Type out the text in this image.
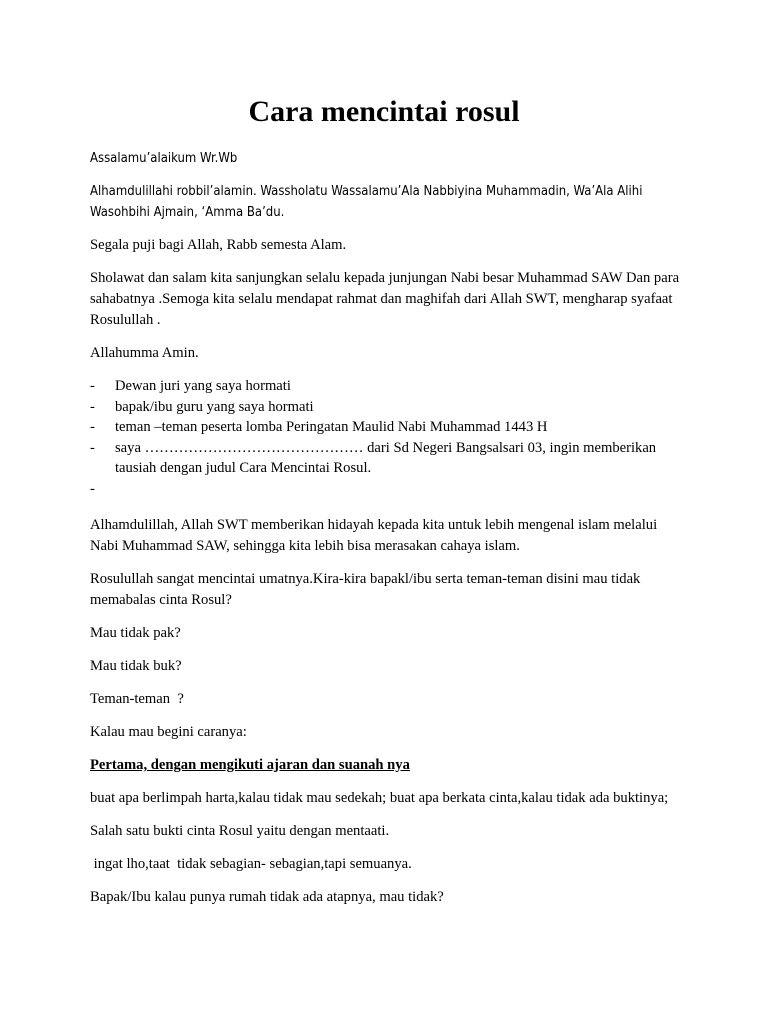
Cara mencintai rosul

Assalamu’alaikum Wr.Wb

Alhamdulillahi robbil’alamin. Wassholatu Wassalamu’Ala Nabbiyina Muhammadin, Wa’Ala Alihi Wasohbihi Ajmain, ‘Amma Ba’du.

Segala puji bagi Allah, Rabb semesta Alam.

Sholawat dan salam kita sanjungkan selalu kepada junjungan Nabi besar Muhammad SAW Dan para sahabatnya .Semoga kita selalu mendapat rahmat dan maghifah dari Allah SWT, mengharap syafaat Rosulullah .

Allahumma Amin.

- Dewan juri yang saya hormati
- bapak/ibu guru yang saya hormati
- teman –teman peserta lomba Peringatan Maulid Nabi Muhammad 1443 H
- saya ……………………………………… dari Sd Negeri Bangsalsari 03, ingin memberikan tausiah dengan judul Cara Mencintai Rosul.
-

Alhamdulillah, Allah SWT memberikan hidayah kepada kita untuk lebih mengenal islam melalui Nabi Muhammad SAW, sehingga kita lebih bisa merasakan cahaya islam.

Rosulullah sangat mencintai umatnya.Kira-kira bapakl/ibu serta teman-teman disini mau tidak memabalas cinta Rosul?

Mau tidak pak?

Mau tidak buk?

Teman-teman  ?

Kalau mau begini caranya:

Pertama, dengan mengikuti ajaran dan suanah nya

buat apa berlimpah harta,kalau tidak mau sedekah; buat apa berkata cinta,kalau tidak ada buktinya;

Salah satu bukti cinta Rosul yaitu dengan mentaati.

ingat lho,taat  tidak sebagian- sebagian,tapi semuanya.

Bapak/Ibu kalau punya rumah tidak ada atapnya, mau tidak?
